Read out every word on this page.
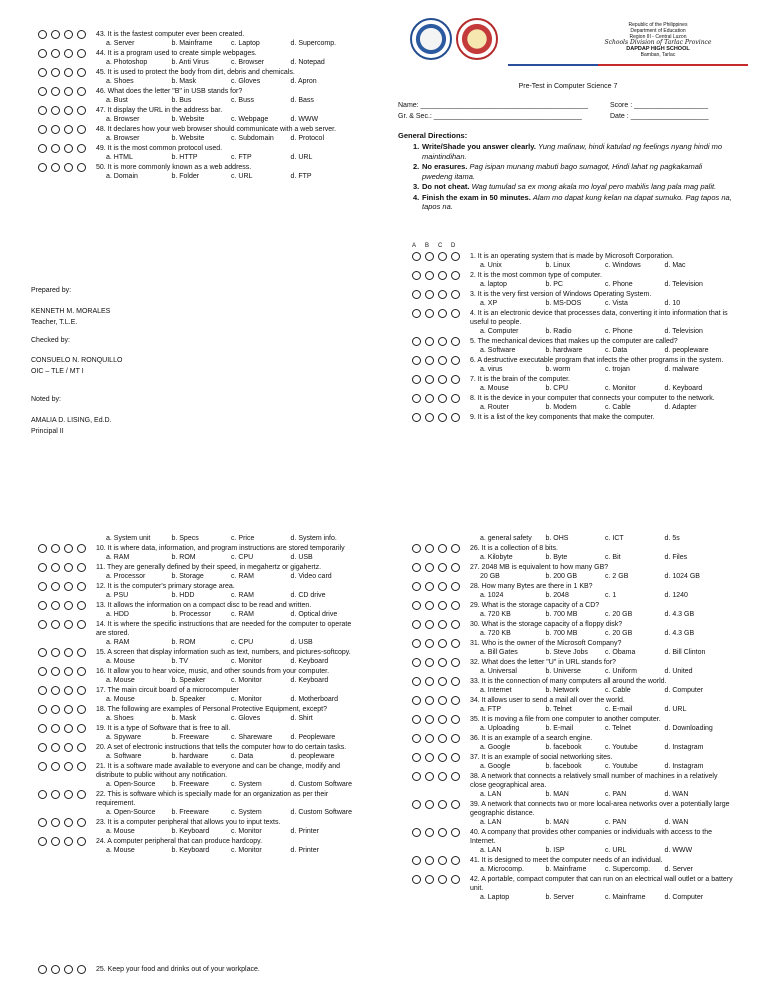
Republic of the Philippines
Department of Education
Region III - Central Luzon
Schools Division of Tarlac Province
DAPDAP HIGH SCHOOL
Bamban, Tarlac
Pre-Test in Computer Science 7
Name: ___________________________________________	Score : ___________________
Gr. & Sec.: ______________________________________	Date : ____________________
General Directions:
1. Write/Shade you answer clearly. Yung malinaw, hindi katulad ng feelings nyang hindi mo maintindihan.
2. No erasures. Pag isipan munang mabuti bago sumagot, Hindi lahat ng pagkakamali pwedeng itama.
3. Do not cheat. Wag tumulad sa ex mong akala mo loyal pero mabilis lang pala mag palit.
4. Finish the exam in 50 minutes. Alam mo dapat kung kelan na dapat sumuko. Pag tapos na, tapos na.
A B C D
Prepared by:
KENNETH M. MORALES
Teacher, T.L.E.
Checked by:
CONSUELO N. RONQUILLO
OIC – TLE / MT I
Noted by:
AMALIA D. LISING, Ed.D.
Principal II
43. It is the fastest computer ever been created.
a. Server	b. Mainframe	c. Laptop	d. Supercomp.
44. It is a program used to create simple webpages.
a. Photoshop	b. Anti Virus	c. Browser	d. Notepad
45. It is used to protect the body from dirt, debris and chemicals.
a. Shoes	b. Mask	c. Gloves	d. Apron
46. What does the letter "B" in USB stands for?
a. Bust	b. Bus	c. Buss	d. Bass
47. It display the URL in the address bar.
a. Browser	b. Website	c. Webpage	d. WWW
48. It declares how your web browser should communicate with a web server.
a. Browser	b. Website	c. Subdomain	d. Protocol
49. It is the most common protocol used.
a. HTML	b. HTTP	c. FTP	d. URL
50. It is more commonly known as a web address.
a. Domain	b. Folder	c. URL	d. FTP
1. It is an operating system that is made by Microsoft Corporation.
a. Unix	b. Linux	c. Windows	d. Mac
2. It is the most common type of computer.
a. laptop	b. PC	c. Phone	d. Television
3. It is the very first version of Windows Operating System.
a. XP	b. MS-DOS	c. Vista	d. 10
4. It is an electronic device that processes data, converting it into information that is useful to people.
a. Computer	b. Radio	c. Phone	d. Television
5. The mechanical devices that makes up the computer are called?
a. Software	b. hardware	c. Data	d. peopleware
6. A destructive executable program that infects the other programs in the system.
a. virus	b. worm	c. trojan	d. malware
7. It is the brain of the computer.
a. Mouse	b. CPU	c. Monitor	d. Keyboard
8. It is the device in your computer that connects your computer to the network.
a. Router	b. Modem	c. Cable	d. Adapter
9. It is a list of the key components that make the computer.
a. System unit	b. Specs	c. Price	d. System info.
10. It is where data, information, and program instructions are stored temporarily
a. RAM	b. ROM	c. CPU	d. USB
11. They are generally defined by their speed, in megahertz or gigahertz.
a. Processor	b. Storage	c. RAM	d. Video card
12. It is the computer's primary storage area.
a. PSU	b. HDD	c. RAM	d. CD drive
13. It allows the information on a compact disc to be read and written.
a. HDD	b. Processor	c. RAM	d. Optical drive
14. It is where the specific instructions that are needed for the computer to operate are stored.
a. RAM	b. ROM	c. CPU	d. USB
15. A screen that display information such as text, numbers, and pictures-softcopy.
a. Mouse	b. TV	c. Monitor	d. Keyboard
16. It allow you to hear voice, music, and other sounds from your computer.
a. Mouse	b. Speaker	c. Monitor	d. Keyboard
17. The main circuit board of a microcomputer
a. Mouse	b. Speaker	c. Monitor	d. Motherboard
18. The following are examples of Personal Protective Equipment, except?
a. Shoes	b. Mask	c. Gloves	d. Shirt
19. It is a type of Software that is free to all.
a. Spyware	b. Freeware	c. Shareware	d. Peopleware
20. A set of electronic instructions that tells the computer how to do certain tasks.
a. Software	b. hardware	c. Data	d. peopleware
21. It is a software made available to everyone and can be change, modify and distribute to public without any notification.
a. Open-Source	b. Freeware	c. System	d. Custom Software
22. This is software which is specially made for an organization as per their requirement.
a. Open-Source	b. Freeware	c. System	d. Custom Software
23. It is a computer peripheral that allows you to input texts.
a. Mouse	b. Keyboard	c. Monitor	d. Printer
24. A computer peripheral that can produce hardcopy.
a. Mouse	b. Keyboard	c. Monitor	d. Printer
a. general safety	b. OHS	c. ICT	d. 5s
26. It is a collection of 8 bits.
a. Kilobyte	b. Byte	c. Bit	d. Files
27. 2048 MB is equivalent to how many GB?
20 GB	b. 200 GB	c. 2 GB	d. 1024 GB
28. How many Bytes are there in 1 KB?
a. 1024	b. 2048	c. 1	d. 1240
29. What is the storage capacity of a CD?
a. 720 KB	b. 700 MB	c. 20 GB	d. 4.3 GB
30. What is the storage capacity of a floppy disk?
a. 720 KB	b. 700 MB	c. 20 GB	d. 4.3 GB
31. Who is the owner of the Microsoft Company?
a. Bill Gates	b. Steve Jobs	c. Obama	d. Bill Clinton
32. What does the letter "U" in URL stands for?
a. Universal	b. Universe	c. Uniform	d. United
33. It is the connection of many computers all around the world.
a. Internet	b. Network	c. Cable	d. Computer
34. It allows user to send a mail all over the world.
a. FTP	b. Telnet	c. E-mail	d. URL
35. It is moving a file from one computer to another computer.
a. Uploading	b. E-mail	c. Telnet	d. Downloading
36. It is an example of a search engine.
a. Google	b. facebook	c. Youtube	d. Instagram
37. It is an example of social networking sites.
a. Google	b. facebook	c. Youtube	d. Instagram
38. A network that connects a relatively small number of machines in a relatively close geographical area.
a. LAN	b. MAN	c. PAN	d. WAN
39. A network that connects two or more local-area networks over a potentially large geographic distance.
a. LAN	b. MAN	c. PAN	d. WAN
40. A company that provides other companies or individuals with access to the Internet.
a. LAN	b. ISP	c. URL	d. WWW
41. It is designed to meet the computer needs of an individual.
a. Microcomp.	b. Mainframe	c. Supercomp.	d. Server
42. A portable, compact computer that can run on an electrical wall outlet or a battery unit.
a. Laptop	b. Server	c. Mainframe	d. Computer
25. Keep your food and drinks out of your workplace.
